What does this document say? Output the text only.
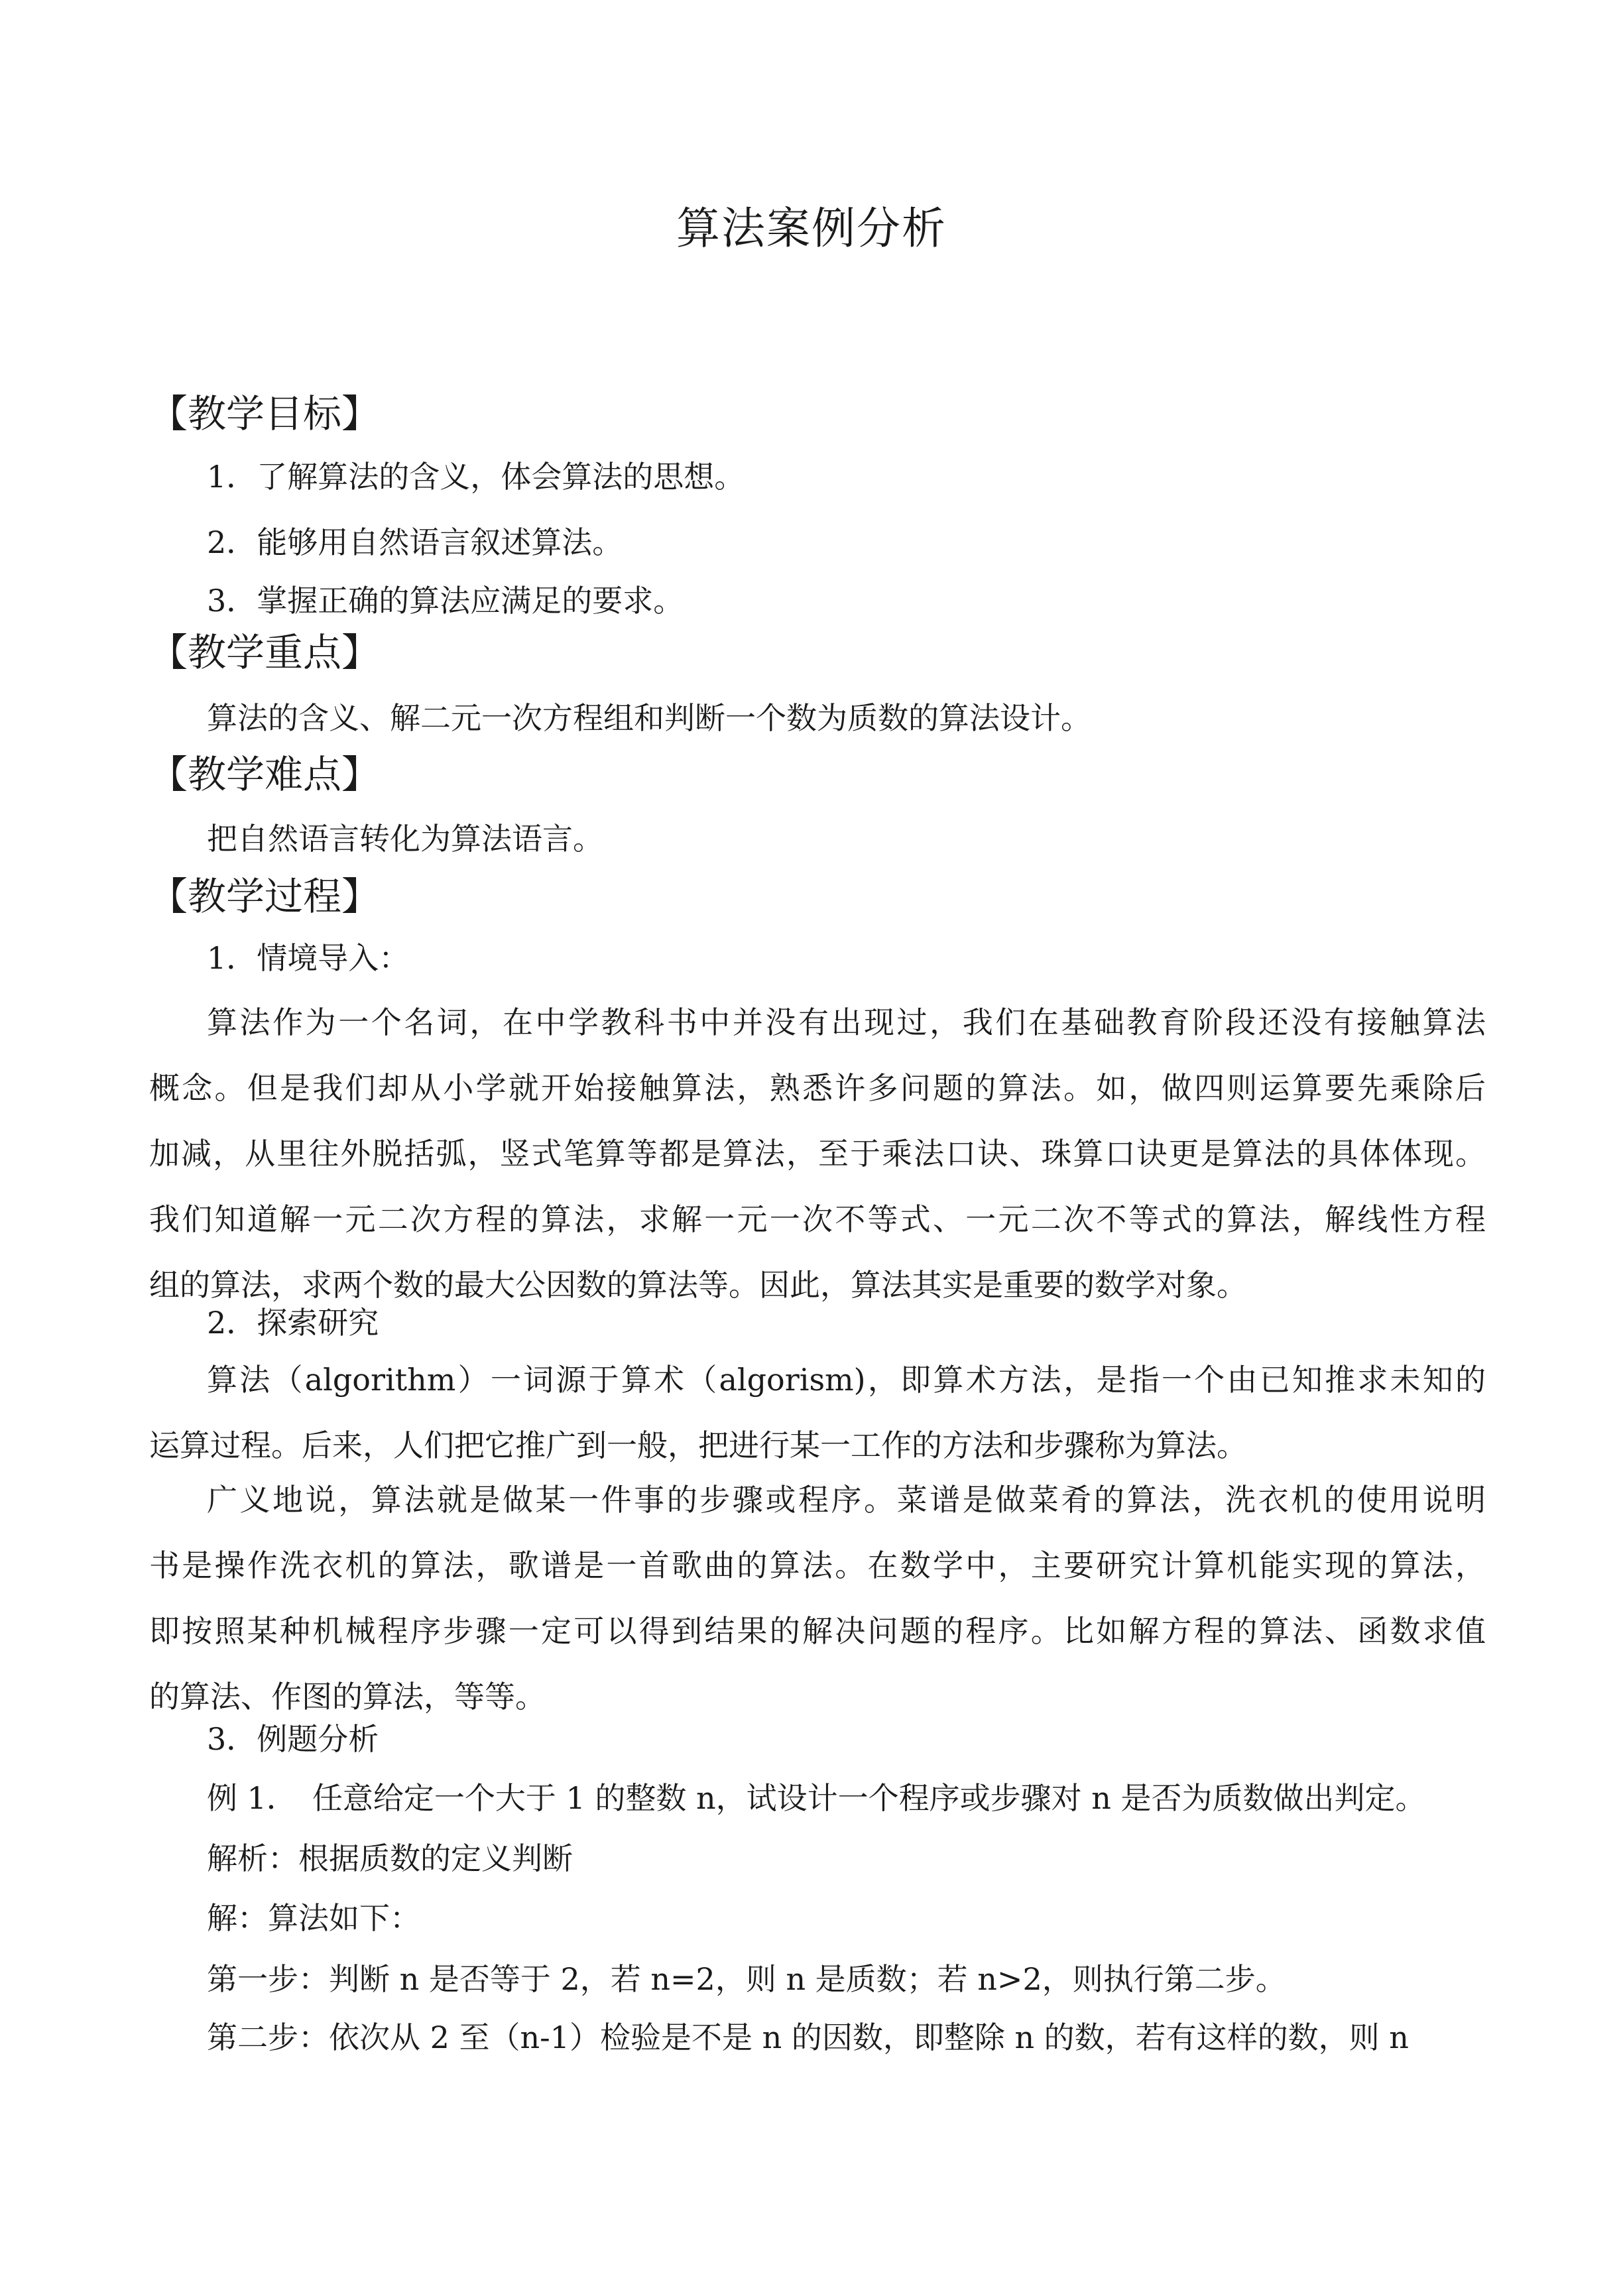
算法案例分析
【教学目标】
1．了解算法的含义，体会算法的思想。
2．能够用自然语言叙述算法。
3．掌握正确的算法应满足的要求。
【教学重点】
算法的含义、解二元一次方程组和判断一个数为质数的算法设计。
【教学难点】
把自然语言转化为算法语言。
【教学过程】
1．情境导入：
算法作为一个名词，在中学教科书中并没有出现过，我们在基础教育阶段还没有接触算法
概念。但是我们却从小学就开始接触算法，熟悉许多问题的算法。如，做四则运算要先乘除后
加减，从里往外脱括弧，竖式笔算等都是算法，至于乘法口诀、珠算口诀更是算法的具体体现。
我们知道解一元二次方程的算法，求解一元一次不等式、一元二次不等式的算法，解线性方程
组的算法，求两个数的最大公因数的算法等。因此，算法其实是重要的数学对象。
2．探索研究
算法（algorithm）一词源于算术（algorism)，即算术方法，是指一个由已知推求未知的
运算过程。后来，人们把它推广到一般，把进行某一工作的方法和步骤称为算法。
广义地说，算法就是做某一件事的步骤或程序。菜谱是做菜肴的算法，洗衣机的使用说明
书是操作洗衣机的算法，歌谱是一首歌曲的算法。在数学中，主要研究计算机能实现的算法，
即按照某种机械程序步骤一定可以得到结果的解决问题的程序。比如解方程的算法、函数求值
的算法、作图的算法，等等。
3．例题分析
例 1．　任意给定一个大于 1 的整数 n，试设计一个程序或步骤对 n 是否为质数做出判定。
解析：根据质数的定义判断
解：算法如下：
第一步：判断 n 是否等于 2，若 n=2，则 n 是质数；若 n>2，则执行第二步。
第二步：依次从 2 至（n-1）检验是不是 n 的因数，即整除 n 的数，若有这样的数，则 n
